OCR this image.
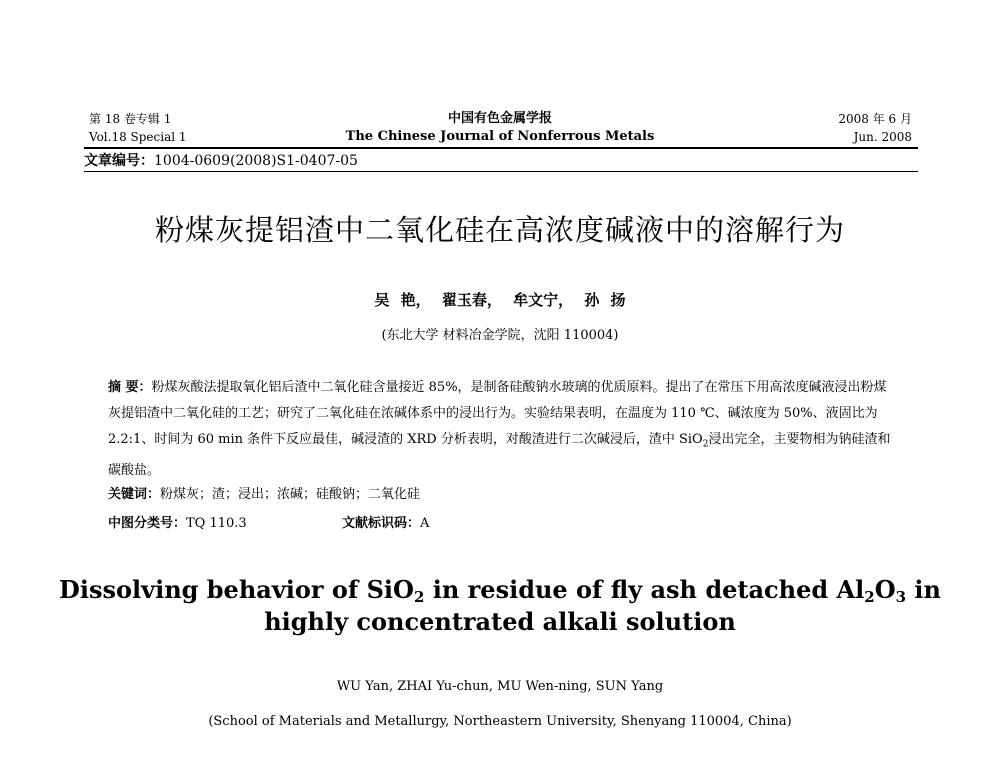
第 18 卷专辑 1
Vol.18 Special 1
中国有色金属学报
The Chinese Journal of Nonferrous Metals
2008 年 6 月
Jun. 2008
文章编号：1004-0609(2008)S1-0407-05
粉煤灰提铝渣中二氧化硅在高浓度碱液中的溶解行为
吴 艳， 翟玉春， 牟文宁， 孙 扬
(东北大学 材料冶金学院，沈阳 110004)
摘 要：粉煤灰酸法提取氧化铝后渣中二氧化硅含量接近 85%，是制备硅酸钠水玻璃的优质原料。提出了在常压下用高浓度碱液浸出粉煤灰提铝渣中二氧化硅的工艺；研究了二氧化硅在浓碱体系中的浸出行为。实验结果表明，在温度为 110 ℃、碱浓度为 50%、液固比为 2.2:1、时间为 60 min 条件下反应最佳，碱浸渣的 XRD 分析表明，对酸渣进行二次碱浸后，渣中 SiO$_2$浸出完全，主要物相为钠硅渣和碳酸盐。
关键词：粉煤灰；渣；浸出；浓碱；硅酸钠；二氧化硅
中图分类号：TQ 110.3	文献标识码：A
Dissolving behavior of SiO$_2$ in residue of fly ash detached $Al_2O_3$ in
highly concentrated alkali solution
WU Yan, ZHAI Yu-chun, MU Wen-ning, SUN Yang
(School of Materials and Metallurgy, Northeastern University, Shenyang 110004, China)
